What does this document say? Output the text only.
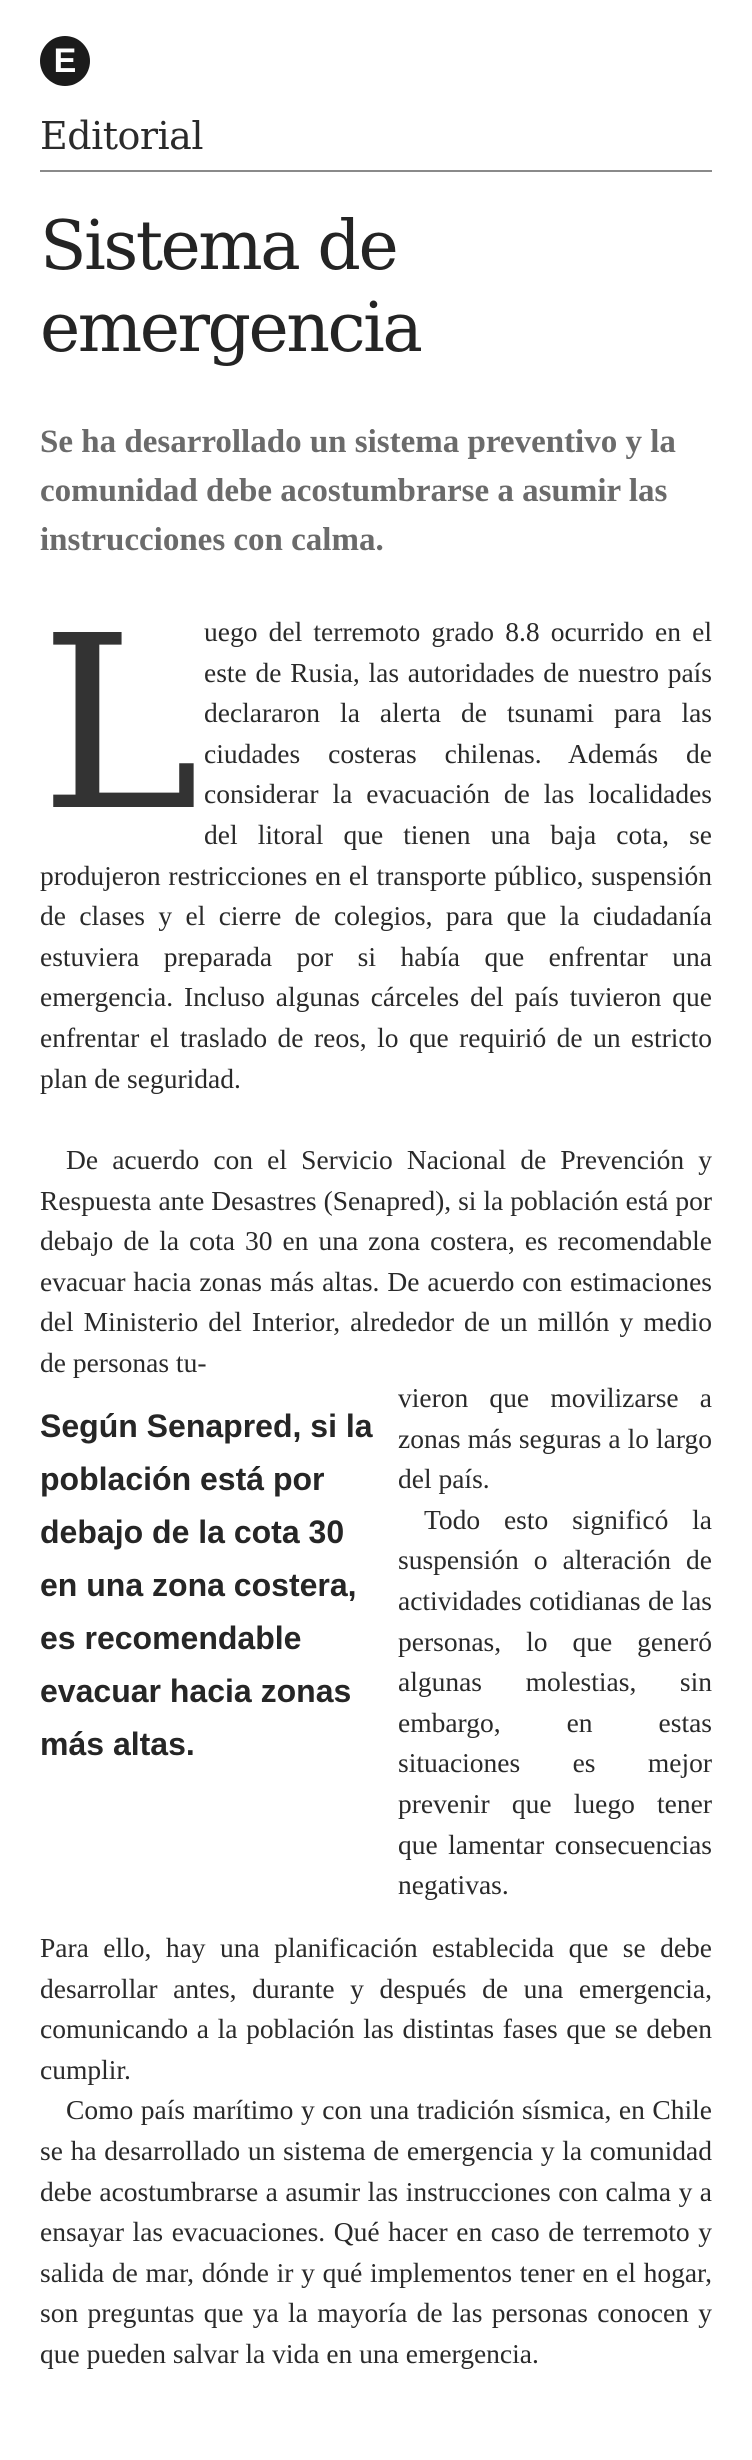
E
Editorial
Sistema de emergencia

Se ha desarrollado un sistema preventivo y la comunidad debe acostumbrarse a asumir las instrucciones con calma.

L uego del terremoto grado 8.8 ocurrido en el este de Rusia, las autoridades de nuestro país declararon la alerta de tsunami para las ciudades costeras chilenas. Además de considerar la evacuación de las localidades del litoral que tienen una baja cota, se produjeron restricciones en el transporte público, suspensión de clases y el cierre de colegios, para que la ciudadanía estuviera preparada por si había que enfrentar una emergencia. Incluso algunas cárceles del país tuvieron que enfrentar el traslado de reos, lo que requirió de un estricto plan de seguridad.

De acuerdo con el Servicio Nacional de Prevención y Respuesta ante Desastres (Senapred), si la población está por debajo de la cota 30 en una zona costera, es recomendable evacuar hacia zonas más altas. De acuerdo con estimaciones del Ministerio del Interior, alrededor de un millón y medio de personas tu-

Según Senapred, si la población está por debajo de la cota 30 en una zona costera, es recomendable evacuar hacia zonas más altas.

vieron que movilizarse a zonas más seguras a lo largo del país.

Todo esto significó la suspensión o alteración de actividades cotidianas de las personas, lo que generó algunas molestias, sin embargo, en estas situaciones es mejor prevenir que luego tener que lamentar consecuencias negativas.

Para ello, hay una planificación establecida que se debe desarrollar antes, durante y después de una emergencia, comunicando a la población las distintas fases que se deben cumplir.

Como país marítimo y con una tradición sísmica, en Chile se ha desarrollado un sistema de emergencia y la comunidad debe acostumbrarse a asumir las instrucciones con calma y a ensayar las evacuaciones. Qué hacer en caso de terremoto y salida de mar, dónde ir y qué implementos tener en el hogar, son preguntas que ya la mayoría de las personas conocen y que pueden salvar la vida en una emergencia.
